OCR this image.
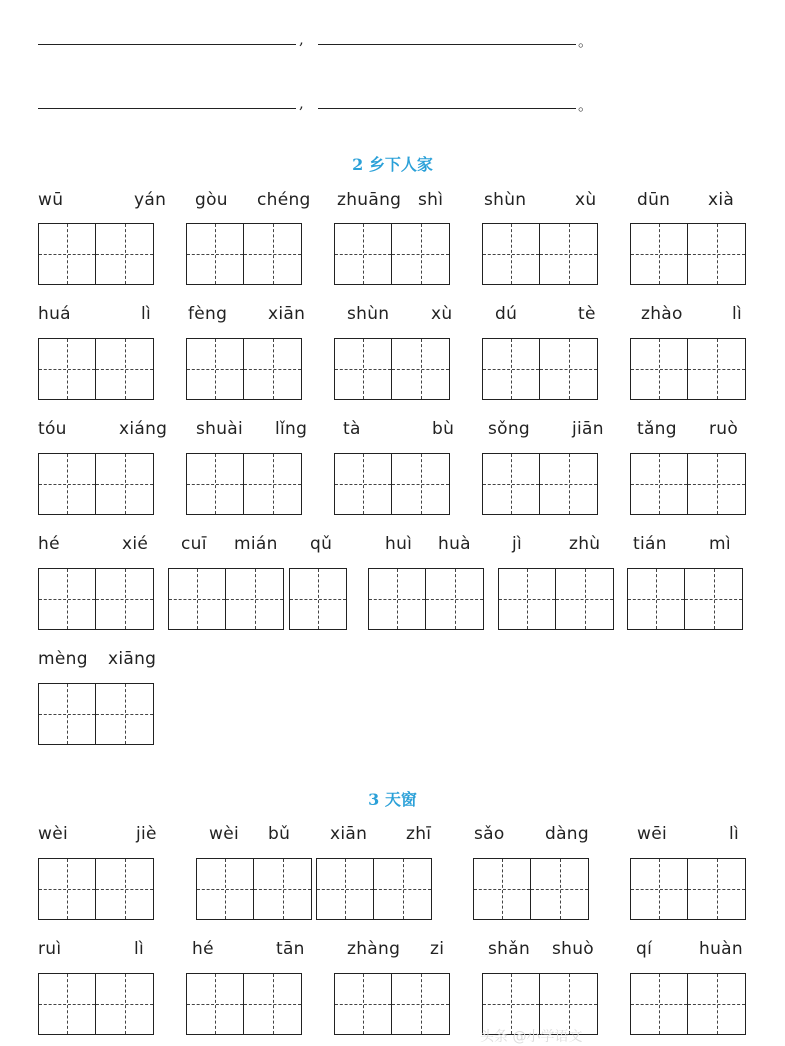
,	。
,	。
2 乡下人家
wū	yán gòu chéng zhuāng shì shùn	xù dūn xià
huá	lì fèng xiān shùn xù	dú	tè	zhào	lì
tóu	xiáng shuài lǐng tà	bù sǒng jiān tǎng ruò
hé	xié cuī mián qǔ	huì huà jì	zhù tián mì
mèng xiāng
3 天窗
wèi	jiè	wèi bǔ xiān zhī	sǎo dàng	wēi	lì
ruì	lì	hé	tān zhàng zi	shǎn shuò qí	huàn
头条 @小学语文
